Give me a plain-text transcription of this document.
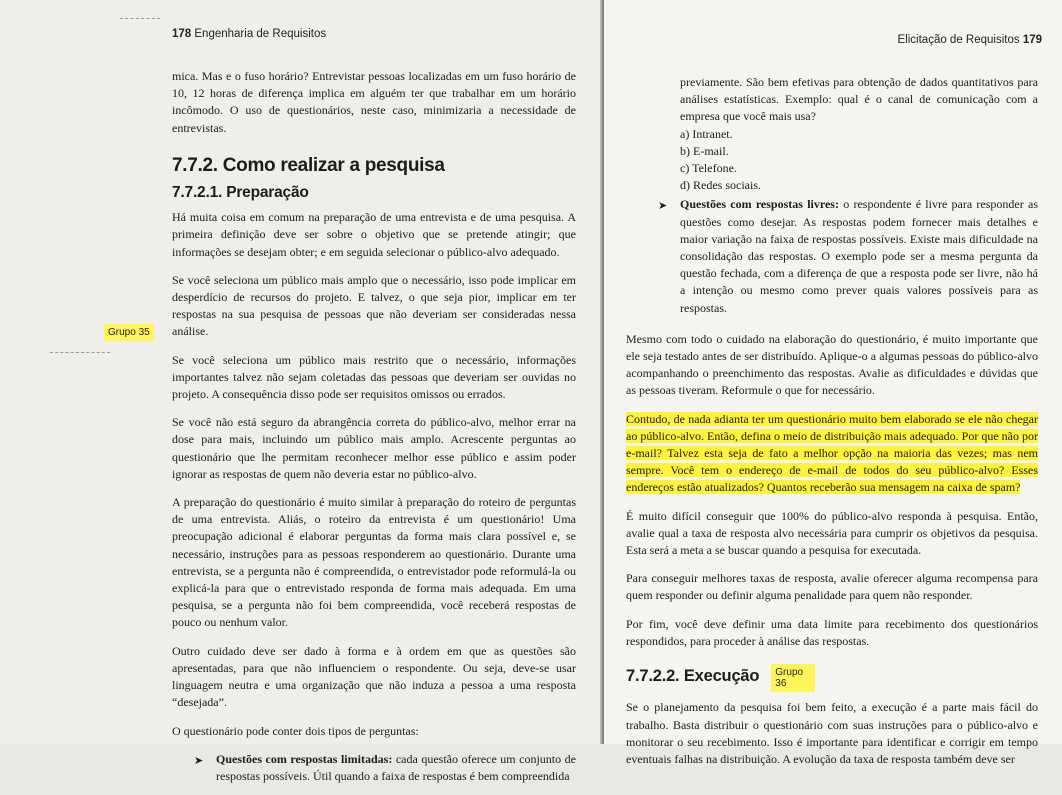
178 Engenharia de Requisitos
Grupo 35

mica. Mas e o fuso horário? Entrevistar pessoas localizadas em um fuso horário de 10, 12 horas de diferença implica em alguém ter que trabalhar em um horário incômodo. O uso de questionários, neste caso, minimizaria a necessidade de entrevistas.

7.7.2. Como realizar a pesquisa
7.7.2.1. Preparação

Há muita coisa em comum na preparação de uma entrevista e de uma pesquisa. A primeira definição deve ser sobre o objetivo que se pretende atingir; que informações se desejam obter; e em seguida selecionar o público-alvo adequado.

Se você seleciona um público mais amplo que o necessário, isso pode implicar em desperdício de recursos do projeto. E talvez, o que seja pior, implicar em ter respostas na sua pesquisa de pessoas que não deveriam ser consideradas nessa análise.

Se você seleciona um público mais restrito que o necessário, informações importantes talvez não sejam coletadas das pessoas que deveriam ser ouvidas no projeto. A consequência disso pode ser requisitos omissos ou errados.

Se você não está seguro da abrangência correta do público-alvo, melhor errar na dose para mais, incluindo um público mais amplo. Acrescente perguntas ao questionário que lhe permitam reconhecer melhor esse público e assim poder ignorar as respostas de quem não deveria estar no público-alvo.

A preparação do questionário é muito similar à preparação do roteiro de perguntas de uma entrevista. Aliás, o roteiro da entrevista é um questionário! Uma preocupação adicional é elaborar perguntas da forma mais clara possível e, se necessário, instruções para as pessoas responderem ao questionário. Durante uma entrevista, se a pergunta não é compreendida, o entrevistador pode reformulá-la ou explicá-la para que o entrevistado responda de forma mais adequada. Em uma pesquisa, se a pergunta não foi bem compreendida, você receberá respostas de pouco ou nenhum valor.

Outro cuidado deve ser dado à forma e à ordem em que as questões são apresentadas, para que não influenciem o respondente. Ou seja, deve-se usar linguagem neutra e uma organização que não induza a pessoa a uma resposta “desejada”.

O questionário pode conter dois tipos de perguntas:

➤	Questões com respostas limitadas: cada questão oferece um conjunto de respostas possíveis. Útil quando a faixa de respostas é bem compreendida
Elicitação de Requisitos 179

previamente. São bem efetivas para obtenção de dados quantitativos para análises estatísticas. Exemplo: qual é o canal de comunicação com a empresa que você mais usa?

a) Intranet.
b) E-mail.
c) Telefone.
d) Redes sociais.
➤	Questões com respostas livres: o respondente é livre para responder as questões como desejar. As respostas podem fornecer mais detalhes e maior variação na faixa de respostas possíveis. Existe mais dificuldade na consolidação das respostas. O exemplo pode ser a mesma pergunta da questão fechada, com a diferença de que a resposta pode ser livre, não há a intenção ou mesmo como prever quais valores possíveis para as respostas.

Mesmo com todo o cuidado na elaboração do questionário, é muito importante que ele seja testado antes de ser distribuído. Aplique-o a algumas pessoas do público-alvo acompanhando o preenchimento das respostas. Avalie as dificuldades e dúvidas que as pessoas tiveram. Reformule o que for necessário.

Contudo, de nada adianta ter um questionário muito bem elaborado se ele não chegar ao público-alvo. Então, defina o meio de distribuição mais adequado. Por que não por e-mail? Talvez esta seja de fato a melhor opção na maioria das vezes; mas nem sempre. Você tem o endereço de e-mail de todos do seu público-alvo? Esses endereços estão atualizados? Quantos receberão sua mensagem na caixa de spam?

É muito difícil conseguir que 100% do público-alvo responda à pesquisa. Então, avalie qual a taxa de resposta alvo necessária para cumprir os objetivos da pesquisa. Esta será a meta a se buscar quando a pesquisa for executada.

Para conseguir melhores taxas de resposta, avalie oferecer alguma recompensa para quem responder ou definir alguma penalidade para quem não responder.

Por fim, você deve definir uma data limite para recebimento dos questionários respondidos, para proceder à análise das respostas.

7.7.2.2. Execução	Grupo 36

Se o planejamento da pesquisa foi bem feito, a execução é a parte mais fácil do trabalho. Basta distribuir o questionário com suas instruções para o público-alvo e monitorar o seu recebimento. Isso é importante para identificar e corrigir em tempo eventuais falhas na distribuição. A evolução da taxa de resposta também deve ser
